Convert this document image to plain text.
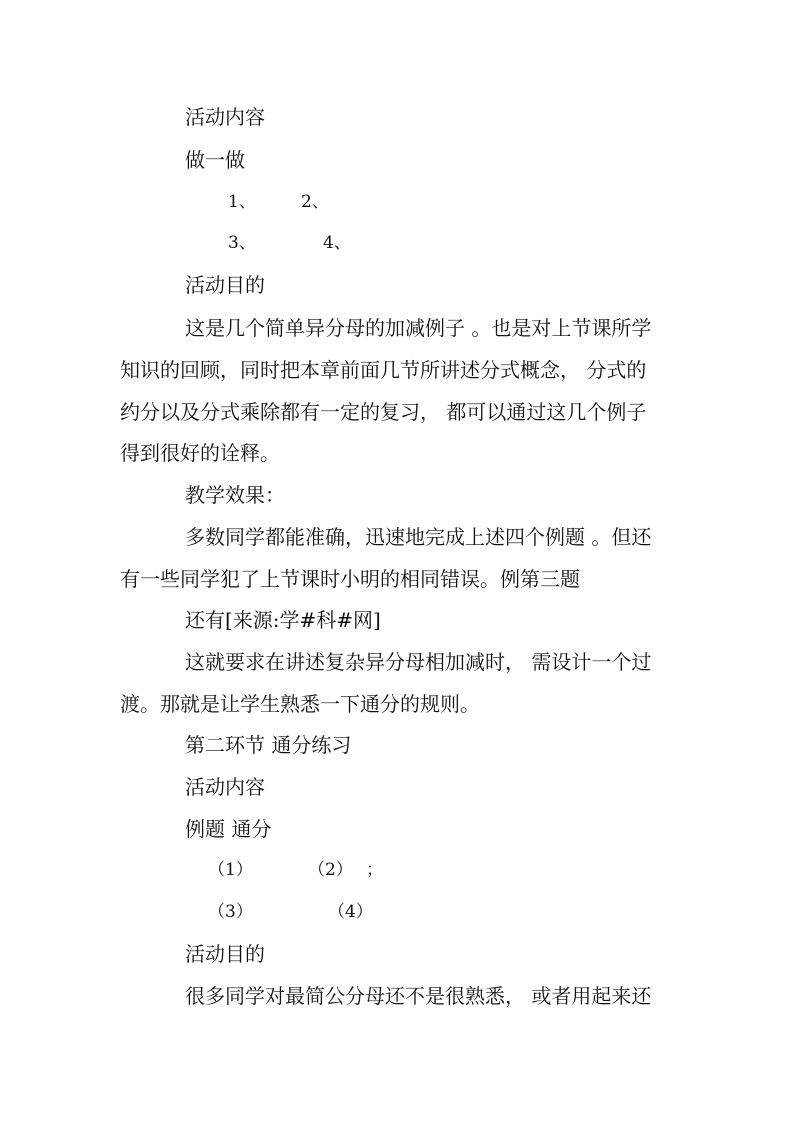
活动内容

做一做

1、	2、
3、	4、

活动目的

这是几个简单异分母的加减例子 。也是对上节课所学

知识的回顾，同时把本章前面几节所讲述分式概念， 分式的

约分以及分式乘除都有一定的复习， 都可以通过这几个例子

得到很好的诠释。

教学效果：

多数同学都能准确，迅速地完成上述四个例题 。但还

有一些同学犯了上节课时小明的相同错误。例第三题

还有[来源:学#科#网]

这就要求在讲述复杂异分母相加减时， 需设计一个过

渡。那就是让学生熟悉一下通分的规则。

第二环节 通分练习

活动内容

例题 通分

（1）	（2） ；
（3）	（4）

活动目的

很多同学对最简公分母还不是很熟悉， 或者用起来还
